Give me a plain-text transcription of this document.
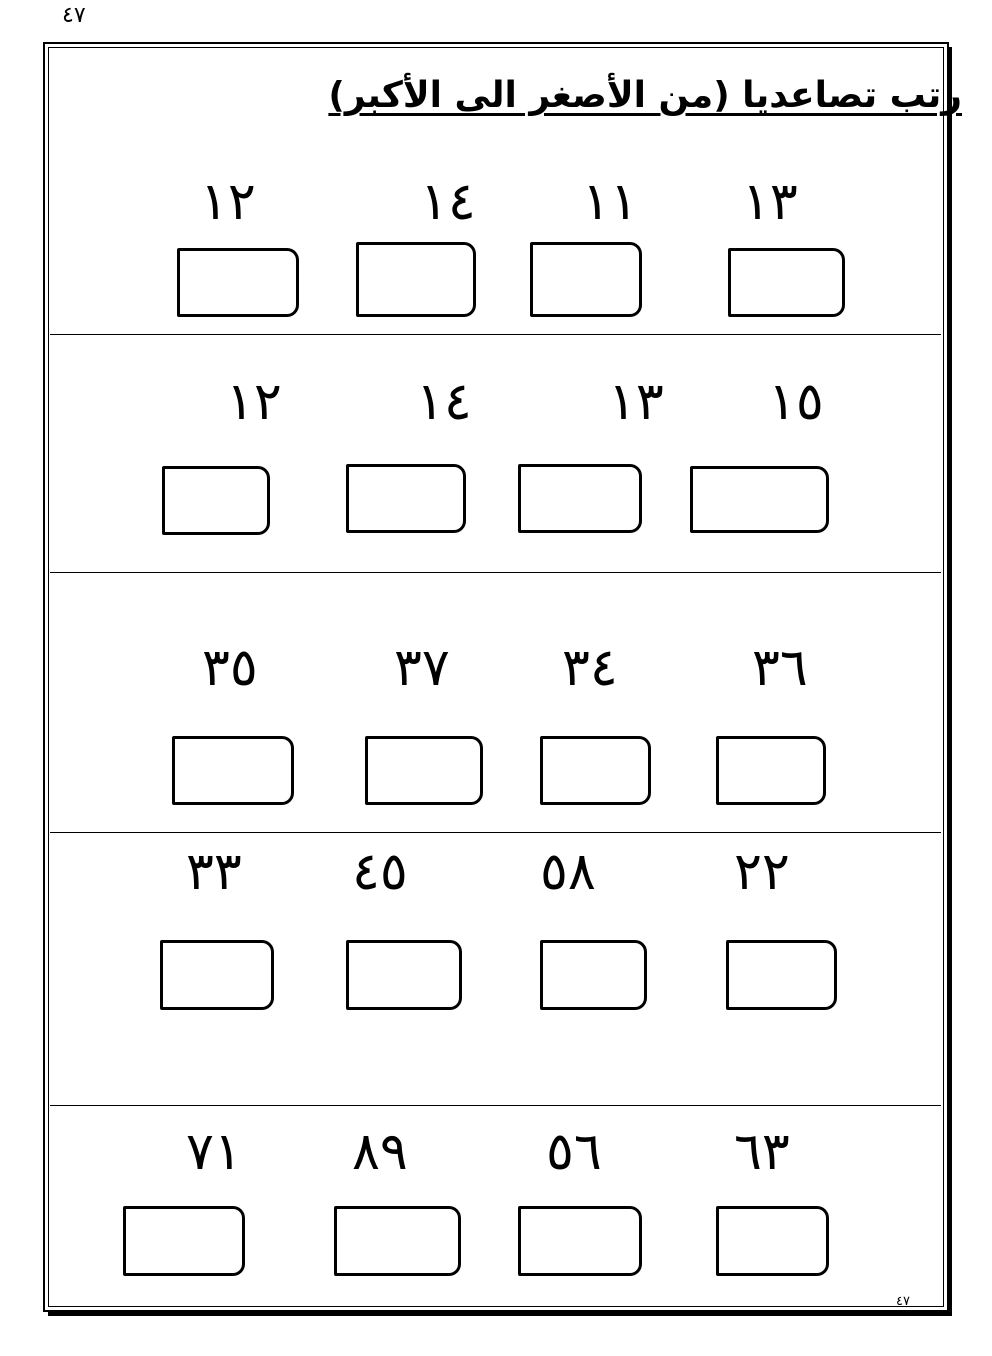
٤٧
رتب تصاعديا (من الأصغر الى الأكبر)
١٢	١٤ ١١ ١٣
١٢	١٤	١٣ ١٥
٣٥	٣٧ ٣٤	٣٦
٣٣ ٤٥	٥٨	٢٢
٧١ ٨٩	٥٦	٦٣
٤٧
